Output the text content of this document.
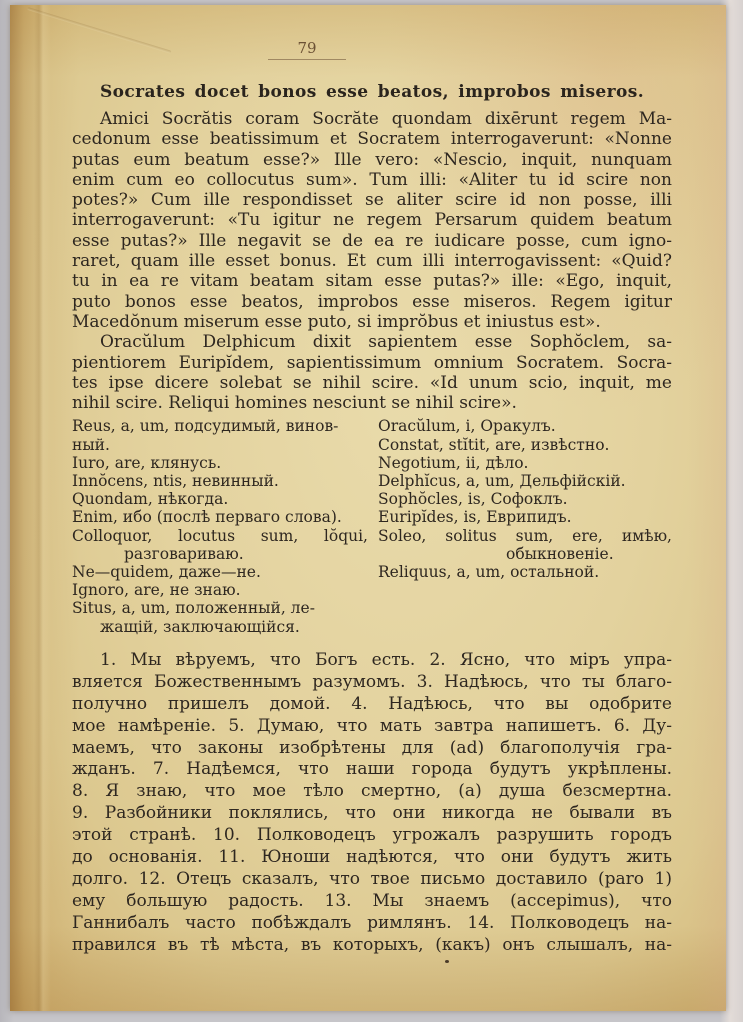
79
Socrates docet bonos esse beatos, improbos miseros.
Amici Socrătis coram Socrăte quondam dixērunt regem Ma-
cedonum esse beatissimum et Socratem interrogaverunt: «Nonne
putas eum beatum esse?» Ille vero: «Nescio, inquit, nunquam
enim cum eo collocutus sum». Tum illi: «Aliter tu id scire non
potes?» Cum ille respondisset se aliter scire id non posse, illi
interrogaverunt: «Tu igitur ne regem Persarum quidem beatum
esse putas?» Ille negavit se de ea re iudicare posse, cum igno-
raret, quam ille esset bonus. Et cum illi interrogavissent: «Quid?
tu in ea re vitam beatam sitam esse putas?» ille: «Ego, inquit,
puto bonos esse beatos, improbos esse miseros. Regem igitur
Macedŏnum miserum esse puto, si imprŏbus et iniustus est».
Oracŭlum Delphicum dixit sapientem esse Sophŏclem, sa-
pientiorem Euripĭdem, sapientissimum omnium Socratem. Socra-
tes ipse dicere solebat se nihil scire. «Id unum scio, inquit, me
nihil scire. Reliqui homines nesciunt se nihil scire».
Reus, a, um, подсудимый, винов-
ный.
Iuro, are, клянусь.
Innŏcens, ntis, невинный.
Quondam, нѣкогда.
Enim, ибо (послѣ перваго слова).
Colloquor, locutus sum, lŏqui,
разговариваю.
Ne—quidem, даже—не.
Ignoro, are, не знаю.
Situs, a, um, положенный, ле-
жащій, заключающійся.
Oracŭlum, i, Оракулъ.
Constat, stĭtit, are, извѣстно.
Negotium, ii, дѣло.
Delphĭcus, a, um, Дельфійскій.
Sophŏcles, is, Софоклъ.
Euripĭdes, is, Еврипидъ.
Soleo, solitus sum, ere, имѣю,
обыкновеніе.
Reliquus, a, um, остальной.
1. Мы вѣруемъ, что Богъ есть. 2. Ясно, что міръ упра-
вляется Божественнымъ разумомъ. 3. Надѣюсь, что ты благо-
получно пришелъ домой. 4. Надѣюсь, что вы одобрите
мое намѣреніе. 5. Думаю, что мать завтра напишетъ. 6. Ду-
маемъ, что законы изобрѣтены для (ad) благополучія гра-
жданъ. 7. Надѣемся, что наши города будутъ укрѣплены.
8. Я знаю, что мое тѣло смертно, (а) душа безсмертна.
9. Разбойники поклялись, что они никогда не бывали въ
этой странѣ. 10. Полководецъ угрожалъ разрушить городъ
до основанія. 11. Юноши надѣются, что они будутъ жить
долго. 12. Отецъ сказалъ, что твое письмо доставило (paro 1)
ему большую радость. 13. Мы знаемъ (accepimus), что
Ганнибалъ часто побѣждалъ римлянъ. 14. Полководецъ на-
правился въ тѣ мѣста, въ которыхъ, (какъ) онъ слышалъ, на-
